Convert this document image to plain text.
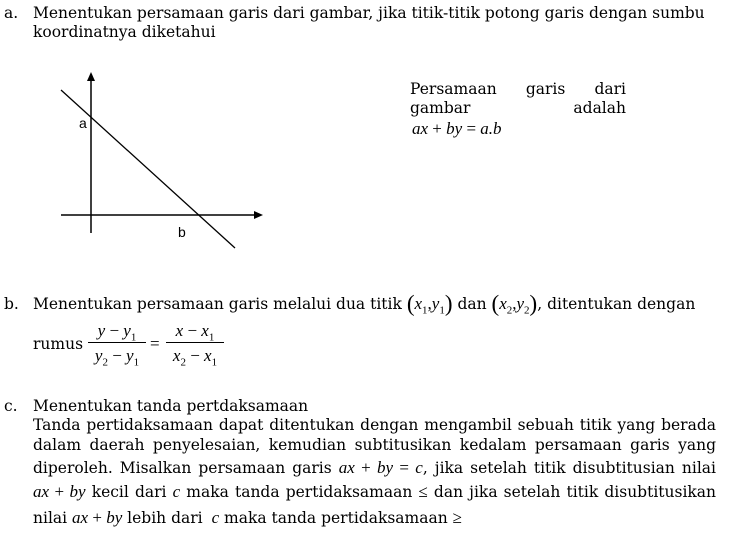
a. Menentukan persamaan garis dari gambar, jika titik-titik potong garis dengan sumbu
koordinatnya diketahui
a
b
Persamaan garis dari
gambar adalah
ax + by = a.b
b. Menentukan persamaan garis melalui dua titik $(x_1,y_1)$ dan $(x_2,y_2)$, ditentukan dengan
rumus
$y - y_1$
$y_2 - y_1$
=
$x - x_1$
$x_2 - x_1$
c. Menentukan tanda pertdaksamaan
Tanda pertidaksamaan dapat ditentukan dengan mengambil sebuah titik yang berada
dalam daerah penyelesaian, kemudian subtitusikan kedalam persamaan garis yang
diperoleh. Misalkan persamaan garis ax + by = c, jika setelah titik disubtitusian nilai
ax + by kecil dari c maka tanda pertidaksamaan ≤ dan jika setelah titik disubtitusikan
nilai ax + by lebih dari c maka tanda pertidaksamaan ≥
